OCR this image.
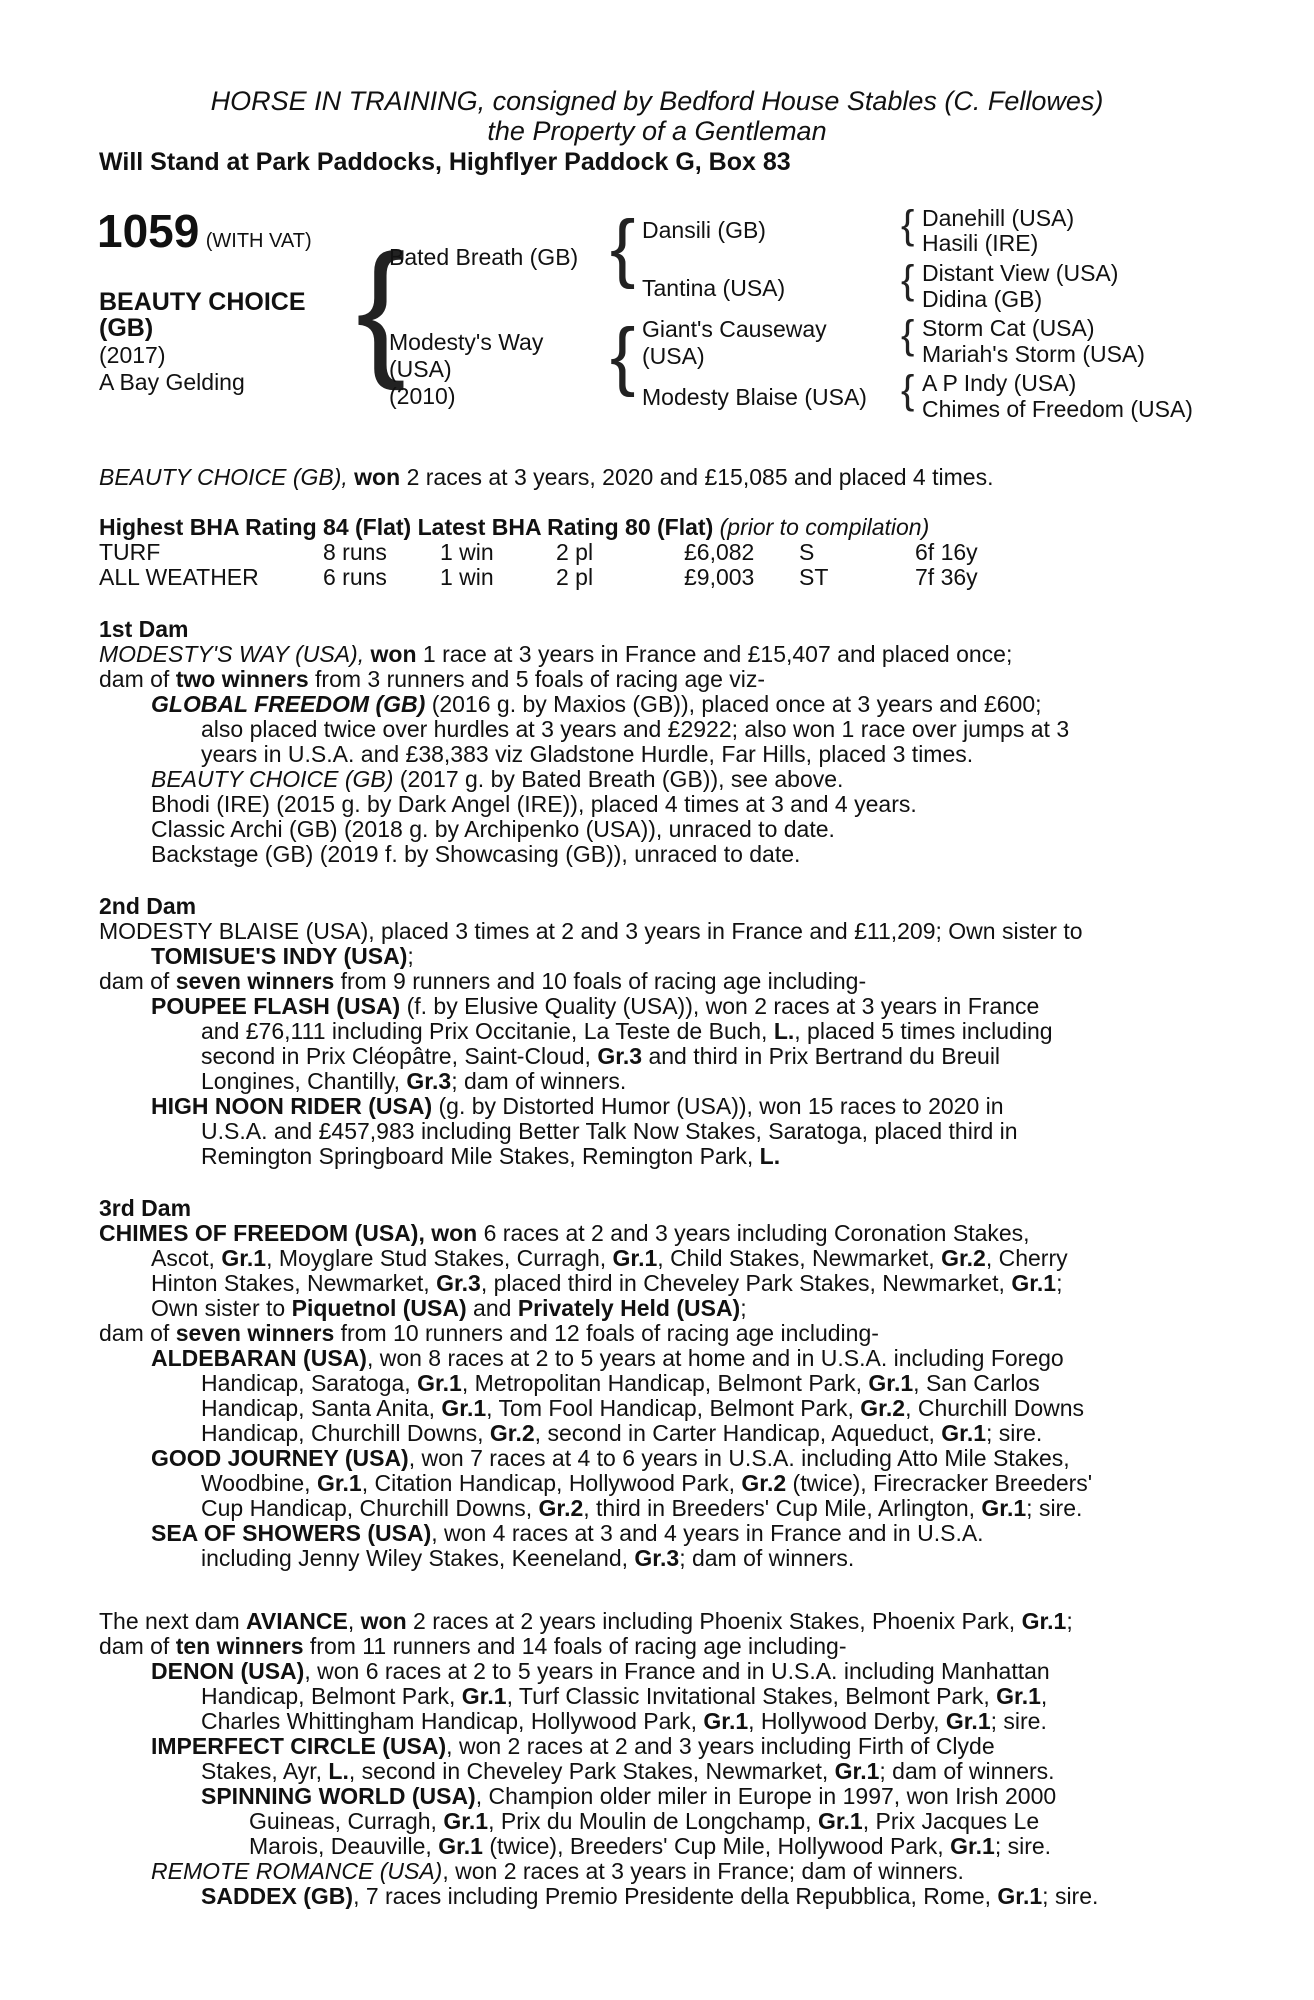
HORSE IN TRAINING, consigned by Bedford House Stables (C. Fellowes)
the Property of a Gentleman
Will Stand at Park Paddocks, Highflyer Paddock G, Box 83
1059 (WITH VAT)
BEAUTY CHOICE
(GB)
(2017)
A Bay Gelding {
Bated Breath (GB)
Modesty's Way
(USA)
(2010)
{ Dansili (GB)
Tantina (USA)
{ Giant's Causeway
(USA)
Modesty Blaise (USA)
{ Danehill (USA)
Hasili (IRE)
{ Distant View (USA)
Didina (GB)
{ Storm Cat (USA)
Mariah's Storm (USA)
{ A P Indy (USA)
Chimes of Freedom (USA)
BEAUTY CHOICE (GB), won 2 races at 3 years, 2020 and £15,085 and placed 4 times.
Highest BHA Rating 84 (Flat) Latest BHA Rating 80 (Flat) (prior to compilation)
TURF	8 runs 1 win	2 pl	£6,082 S	6f 16y
ALL WEATHER	6 runs 1 win	2 pl	£9,003 ST	7f 36y
1st Dam
MODESTY'S WAY (USA), won 1 race at 3 years in France and £15,407 and placed once;
dam of two winners from 3 runners and 5 foals of racing age viz-
GLOBAL FREEDOM (GB) (2016 g. by Maxios (GB)), placed once at 3 years and £600;
also placed twice over hurdles at 3 years and £2922; also won 1 race over jumps at 3
years in U.S.A. and £38,383 viz Gladstone Hurdle, Far Hills, placed 3 times.
BEAUTY CHOICE (GB) (2017 g. by Bated Breath (GB)), see above.
Bhodi (IRE) (2015 g. by Dark Angel (IRE)), placed 4 times at 3 and 4 years.
Classic Archi (GB) (2018 g. by Archipenko (USA)), unraced to date.
Backstage (GB) (2019 f. by Showcasing (GB)), unraced to date.
2nd Dam
MODESTY BLAISE (USA), placed 3 times at 2 and 3 years in France and £11,209; Own sister to
TOMISUE'S INDY (USA);
dam of seven winners from 9 runners and 10 foals of racing age including-
POUPEE FLASH (USA) (f. by Elusive Quality (USA)), won 2 races at 3 years in France
and £76,111 including Prix Occitanie, La Teste de Buch, L., placed 5 times including
second in Prix Cléopâtre, Saint-Cloud, Gr.3 and third in Prix Bertrand du Breuil
Longines, Chantilly, Gr.3; dam of winners.
HIGH NOON RIDER (USA) (g. by Distorted Humor (USA)), won 15 races to 2020 in
U.S.A. and £457,983 including Better Talk Now Stakes, Saratoga, placed third in
Remington Springboard Mile Stakes, Remington Park, L.
3rd Dam
CHIMES OF FREEDOM (USA), won 6 races at 2 and 3 years including Coronation Stakes,
Ascot, Gr.1, Moyglare Stud Stakes, Curragh, Gr.1, Child Stakes, Newmarket, Gr.2, Cherry
Hinton Stakes, Newmarket, Gr.3, placed third in Cheveley Park Stakes, Newmarket, Gr.1;
Own sister to Piquetnol (USA) and Privately Held (USA);
dam of seven winners from 10 runners and 12 foals of racing age including-
ALDEBARAN (USA), won 8 races at 2 to 5 years at home and in U.S.A. including Forego
Handicap, Saratoga, Gr.1, Metropolitan Handicap, Belmont Park, Gr.1, San Carlos
Handicap, Santa Anita, Gr.1, Tom Fool Handicap, Belmont Park, Gr.2, Churchill Downs
Handicap, Churchill Downs, Gr.2, second in Carter Handicap, Aqueduct, Gr.1; sire.
GOOD JOURNEY (USA), won 7 races at 4 to 6 years in U.S.A. including Atto Mile Stakes,
Woodbine, Gr.1, Citation Handicap, Hollywood Park, Gr.2 (twice), Firecracker Breeders'
Cup Handicap, Churchill Downs, Gr.2, third in Breeders' Cup Mile, Arlington, Gr.1; sire.
SEA OF SHOWERS (USA), won 4 races at 3 and 4 years in France and in U.S.A.
including Jenny Wiley Stakes, Keeneland, Gr.3; dam of winners.
The next dam AVIANCE, won 2 races at 2 years including Phoenix Stakes, Phoenix Park, Gr.1;
dam of ten winners from 11 runners and 14 foals of racing age including-
DENON (USA), won 6 races at 2 to 5 years in France and in U.S.A. including Manhattan
Handicap, Belmont Park, Gr.1, Turf Classic Invitational Stakes, Belmont Park, Gr.1,
Charles Whittingham Handicap, Hollywood Park, Gr.1, Hollywood Derby, Gr.1; sire.
IMPERFECT CIRCLE (USA), won 2 races at 2 and 3 years including Firth of Clyde
Stakes, Ayr, L., second in Cheveley Park Stakes, Newmarket, Gr.1; dam of winners.
SPINNING WORLD (USA), Champion older miler in Europe in 1997, won Irish 2000
Guineas, Curragh, Gr.1, Prix du Moulin de Longchamp, Gr.1, Prix Jacques Le
Marois, Deauville, Gr.1 (twice), Breeders' Cup Mile, Hollywood Park, Gr.1; sire.
REMOTE ROMANCE (USA), won 2 races at 3 years in France; dam of winners.
SADDEX (GB), 7 races including Premio Presidente della Repubblica, Rome, Gr.1; sire.
